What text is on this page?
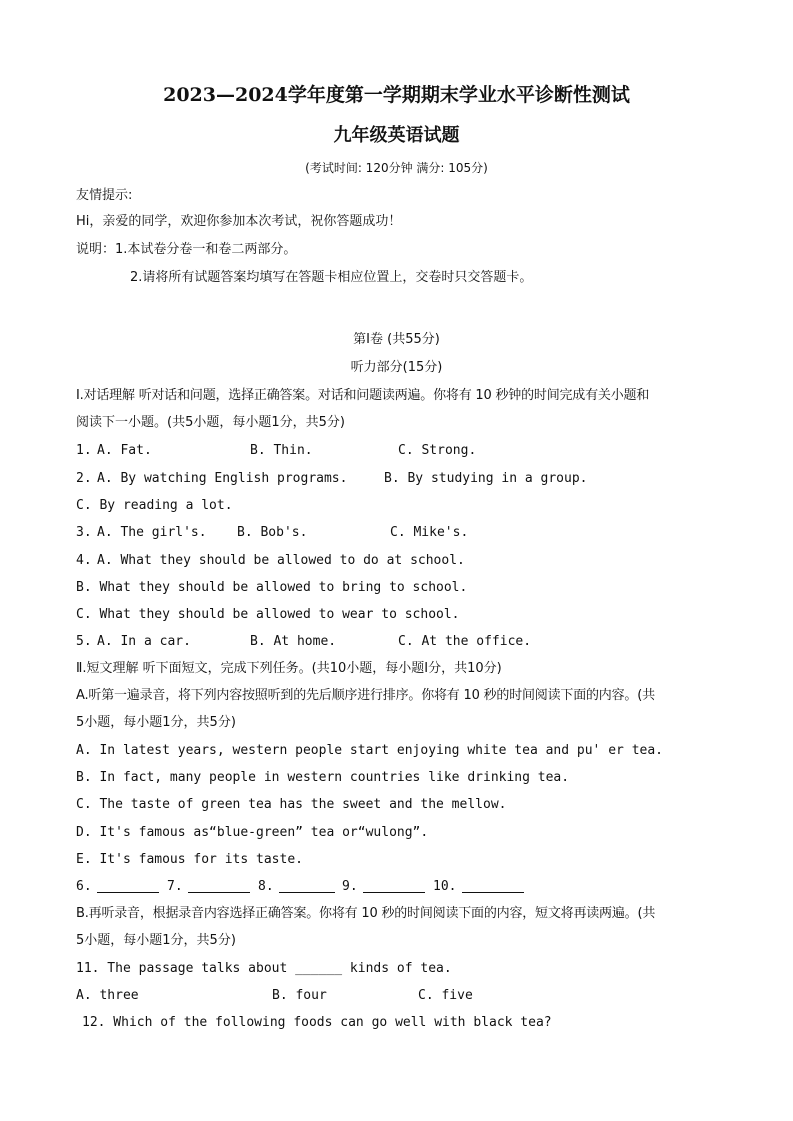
2023—2024学年度第一学期期末学业水平诊断性测试
九年级英语试题
(考试时间: 120分钟 满分: 105分)
友情提示:
Hi，亲爱的同学，欢迎你参加本次考试，祝你答题成功！
说明：1.本试卷分卷一和卷二两部分。
2.请将所有试题答案均填写在答题卡相应位置上，交卷时只交答题卡。
第Ⅰ卷 (共55分)
听力部分(15分)
I.对话理解 听对话和问题，选择正确答案。对话和问题读两遍。你将有 10 秒钟的时间完成有关小题和
阅读下一小题。(共5小题，每小题1分，共5分)
1. A. Fat.	B. Thin.	C. Strong.
2. A. By watching English programs.	B. By studying in a group.
C. By reading a lot.
3. A. The girl's. B. Bob's.	C. Mike's.
4. A. What they should be allowed to do at school.
B. What they should be allowed to bring to school.
C. What they should be allowed to wear to school.
5. A. In a car.	B. At home.	C. At the office.
Ⅱ.短文理解 听下面短文，完成下列任务。(共10小题，每小题Ⅰ分，共10分)
A.听第一遍录音，将下列内容按照听到的先后顺序进行排序。你将有 10 秒的时间阅读下面的内容。(共
5小题，每小题1分，共5分)
A. In latest years, western people start enjoying white tea and pu' er tea.
B. In fact, many people in western countries like drinking tea.
C. The taste of green tea has the sweet and the mellow.
D. It's famous as“blue-green” tea or“wulong”.
E. It's famous for its taste.
6.	7.	8.	9.	10.
B.再听录音，根据录音内容选择正确答案。你将有 10 秒的时间阅读下面的内容，短文将再读两遍。(共
5小题，每小题1分，共5分)
11. The passage talks about ______ kinds of tea.
A. three	B. four	C. five
12. Which of the following foods can go well with black tea?
